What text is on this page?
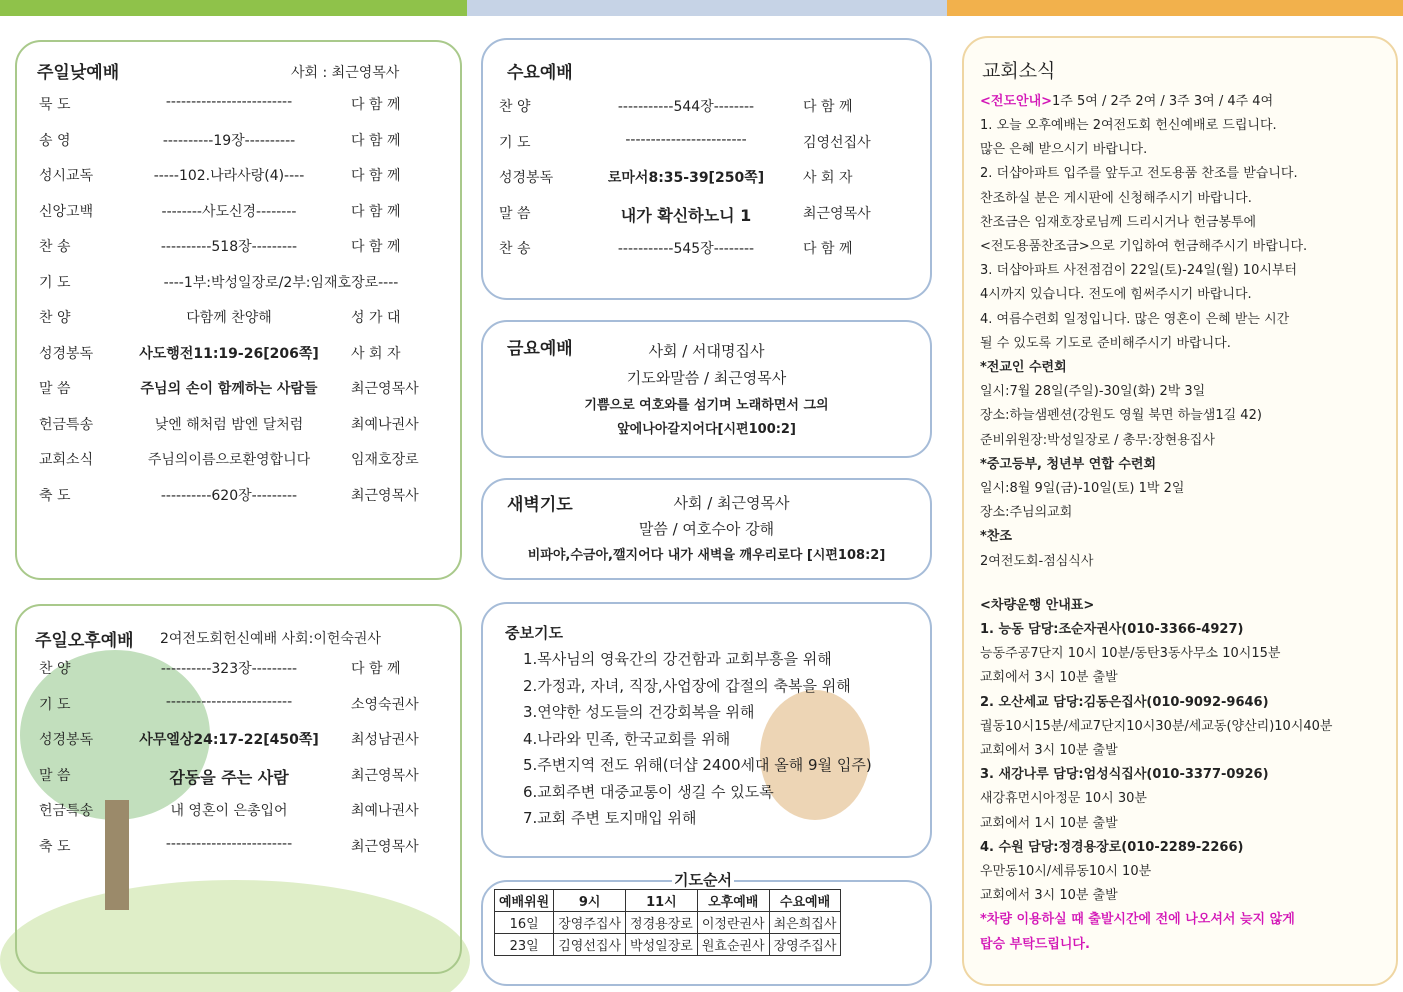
주일낮예배	사회 : 최근영목사
묵 도	-------------------------	다 함 께
송 영	----------19장----------	다 함 께
성시교독	-----102.나라사랑(4)----	다 함 께
신앙고백	--------사도신경--------	다 함 께
찬 송	----------518장---------	다 함 께
기 도	----1부:박성일장로/2부:임재호장로----
찬 양	다함께 찬양해	성 가 대
성경봉독	사도행전11:19-26[206쪽]	사 회 자
말 씀	주님의 손이 함께하는 사람들	최근영목사
헌금특송	낮엔 해처럼 밤엔 달처럼	최예나권사
교회소식	주님의이름으로환영합니다	임재호장로
축 도	----------620장---------	최근영목사
주일오후예배 2여전도회헌신예배 사회:이헌숙권사
찬 양	----------323장---------	다 함 께
기 도	-------------------------	소영숙권사
성경봉독	사무엘상24:17-22[450쪽]	최성남권사
말 씀	감동을 주는 사람	최근영목사
헌금특송	내 영혼이 은총입어	최예나권사
축 도	-------------------------	최근영목사
수요예배
찬 양	-----------544장--------	다 함 께
기 도	------------------------	김영선집사
성경봉독	로마서8:35-39[250쪽]	사 회 자
말 씀	내가 확신하노니 1	최근영목사
찬 송	-----------545장--------	다 함 께
금요예배	사회 / 서대명집사
기도와말씀 / 최근영목사
기쁨으로 여호와를 섬기며 노래하면서 그의
앞에나아갈지어다[시편100:2]
새벽기도	사회 / 최근영목사
말씀 / 여호수아 강해
비파야,수금아,깰지어다 내가 새벽을 깨우리로다 [시편108:2]
중보기도
1.목사님의 영육간의 강건함과 교회부흥을 위해
2.가정과, 자녀, 직장,사업장에 갑절의 축복을 위해
3.연약한 성도들의 건강회복을 위해
4.나라와 민족, 한국교회를 위해
5.주변지역 전도 위해(더샵 2400세대 올해 9월 입주)
6.교회주변 대중교통이 생길 수 있도록
7.교회 주변 토지매입 위해
기도순서
예배위원	9시	11시	오후예배	수요예배
16일	장영주집사	정경용장로	이정란권사	최은희집사
23일	김영선집사	박성일장로	원효순권사	장영주집사
교회소식
<전도안내>1주 5여 / 2주 2여 / 3주 3여 / 4주 4여
1. 오늘 오후예배는 2여전도회 헌신예배로 드립니다.
많은 은혜 받으시기 바랍니다.
2. 더샵아파트 입주를 앞두고 전도용품 찬조를 받습니다.
찬조하실 분은 게시판에 신청해주시기 바랍니다.
찬조금은 임재호장로님께 드리시거나 헌금봉투에
<전도용품찬조금>으로 기입하여 헌금해주시기 바랍니다.
3. 더샵아파트 사전점검이 22일(토)-24일(월) 10시부터
4시까지 있습니다. 전도에 힘써주시기 바랍니다.
4. 여름수련회 일정입니다. 많은 영혼이 은혜 받는 시간
될 수 있도록 기도로 준비해주시기 바랍니다.
*전교인 수련회
일시:7월 28일(주일)-30일(화) 2박 3일
장소:하늘샘펜션(강원도 영월 북면 하늘샘1길 42)
준비위원장:박성일장로 / 총무:장현용집사
*중고등부, 청년부 연합 수련회
일시:8월 9일(금)-10일(토) 1박 2일
장소:주님의교회
*찬조
2여전도회-점심식사
<차량운행 안내표>
1. 능동 담당:조순자권사(010-3366-4927)
능동주공7단지 10시 10분/동탄3동사무소 10시15분
교회에서 3시 10분 출발
2. 오산세교 담당:김동은집사(010-9092-9646)
궐동10시15분/세교7단지10시30분/세교동(양산리)10시40분
교회에서 3시 10분 출발
3. 새강나루 담당:엄성식집사(010-3377-0926)
새강휴먼시아정문 10시 30분
교회에서 1시 10분 출발
4. 수원 담당:정경용장로(010-2289-2266)
우만동10시/세류동10시 10분
교회에서 3시 10분 출발
*차량 이용하실 때 출발시간에 전에 나오셔서 늦지 않게
탑승 부탁드립니다.
